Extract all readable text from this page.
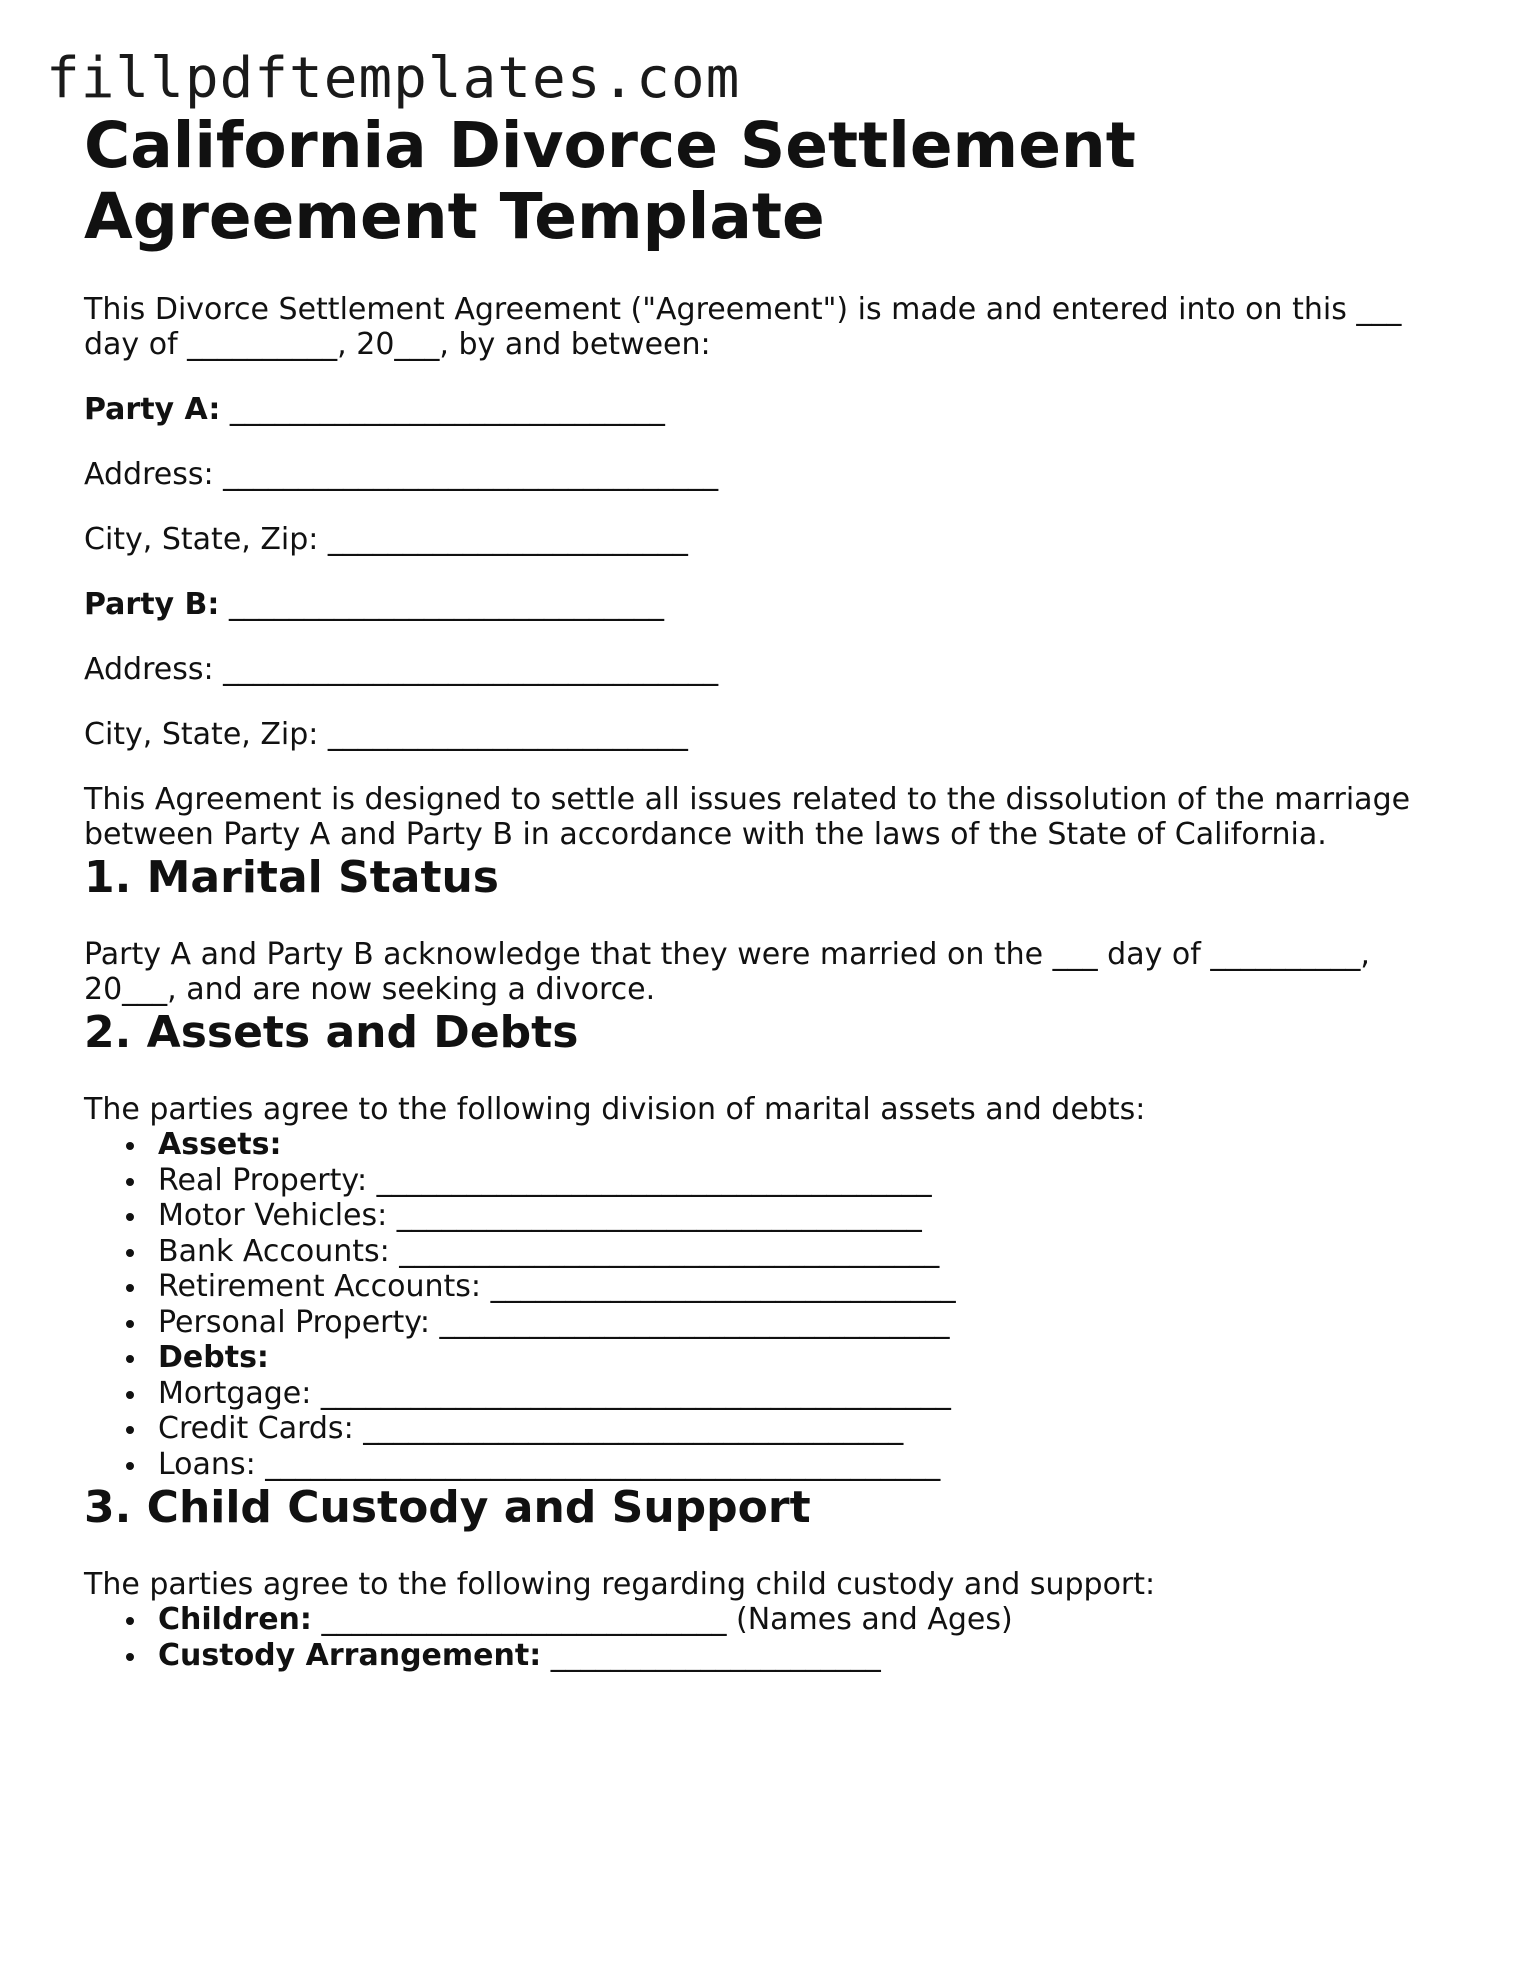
fillpdftemplates.com
California Divorce Settlement
Agreement Template

This Divorce Settlement Agreement ("Agreement") is made and entered into on this ___
day of __________, 20___, by and between:

Party A: _____________________________
Address: _________________________________
City, State, Zip: ________________________
Party B: _____________________________
Address: _________________________________
City, State, Zip: ________________________

This Agreement is designed to settle all issues related to the dissolution of the marriage
between Party A and Party B in accordance with the laws of the State of California.

1. Marital Status

Party A and Party B acknowledge that they were married on the ___ day of __________,
20___, and are now seeking a divorce.

2. Assets and Debts

The parties agree to the following division of marital assets and debts:

Assets:
Real Property: _____________________________________
Motor Vehicles: ___________________________________
Bank Accounts: ____________________________________
Retirement Accounts: _______________________________
Personal Property: __________________________________
Debts:
Mortgage: __________________________________________
Credit Cards: ____________________________________
Loans: _____________________________________________
3. Child Custody and Support

The parties agree to the following regarding child custody and support:

Children: ___________________________ (Names and Ages)
Custody Arrangement: ______________________
